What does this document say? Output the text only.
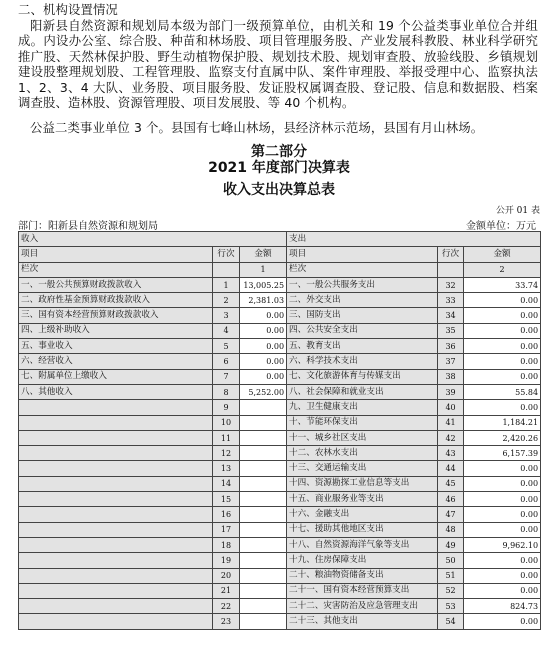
二、机构设置情况

阳新县自然资源和规划局本级为部门一级预算单位，由机关和 19 个公益类事业单位合并组成。内设办公室、综合股、种苗和林场股、项目管理服务股、产业发展科教股、林业科学研究推广股、天然林保护股、野生动植物保护股、规划技术股、规划审查股、放验线股、乡镇规划建设股整理规划股、工程管理股、监察支付直属中队、案件审理股、举报受理中心、监察执法 1、2、3、4 大队、业务股、项目服务股、发证股权属调查股、登记股、信息和数据股、档案调查股、造林股、资源管理股、项目发展股、等 40 个机构。

公益二类事业单位 3 个。县国有七峰山林场，县经济林示范场，县国有月山林场。

第二部分
2021 年度部门决算表
收入支出决算总表
公开 01 表
部门：阳新县自然资源和规划局	金额单位：万元
收入			支出		
项目	行次	金额	项目	行次	金额
栏次		1	栏次		2
一、一般公共预算财政拨款收入	1	13,005.25	一、一般公共服务支出	32	33.74
二、政府性基金预算财政拨款收入	2	2,381.03	二、外交支出	33	0.00
三、国有资本经营预算财政拨款收入	3	0.00	三、国防支出	34	0.00
四、上级补助收入	4	0.00	四、公共安全支出	35	0.00
五、事业收入	5	0.00	五、教育支出	36	0.00
六、经营收入	6	0.00	六、科学技术支出	37	0.00
七、附属单位上缴收入	7	0.00	七、文化旅游体育与传媒支出	38	0.00
八、其他收入	8	5,252.00	八、社会保障和就业支出	39	55.84
	9		九、卫生健康支出	40	0.00
	10		十、节能环保支出	41	1,184.21
	11		十一、城乡社区支出	42	2,420.26
	12		十二、农林水支出	43	6,157.39
	13		十三、交通运输支出	44	0.00
	14		十四、资源勘探工业信息等支出	45	0.00
	15		十五、商业服务业等支出	46	0.00
	16		十六、金融支出	47	0.00
	17		十七、援助其他地区支出	48	0.00
	18		十八、自然资源海洋气象等支出	49	9,962.10
	19		十九、住房保障支出	50	0.00
	20		二十、粮油物资储备支出	51	0.00
	21		二十一、国有资本经营预算支出	52	0.00
	22		二十二、灾害防治及应急管理支出	53	824.73
	23		二十三、其他支出	54	0.00
